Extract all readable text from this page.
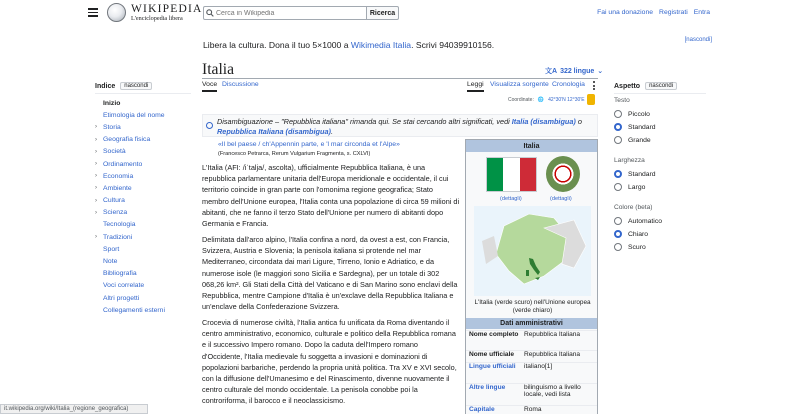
WIKIPEDIA
L'enciclopedia libera
Cerca in Wikipedia
Ricerca	Fai una donazione Registrati Entra
Libera la cultura. Dona il tuo 5×1000 a Wikimedia Italia. Scrivi 94039910156.	[nascondi]
Indice	nascondi
Inizio
Etimologia del nome
› Storia
› Geografia fisica
› Società
› Ordinamento
› Economia
› Ambiente
› Cultura
› Scienza
Tecnologia
› Tradizioni
Sport
Note
Bibliografia
Voci correlate
Altri progetti
Collegamenti esterni
Italia	文A 322 lingue ⌄
Voce Discussione	Leggi Visualizza sorgente Cronologia
Coordinate: 🌐 42°30′N 12°30′E
Aspetto	nascondi
Testo
Piccolo
Standard
Grande
Larghezza
Standard
Largo
Colore (beta)
Automatico
Chiaro
Scuro
Disambiguazione – "Repubblica italiana" rimanda qui. Se stai cercando altri significati, vedi Italia (disambigua) o Repubblica Italiana (disambigua).
«Il bel paese / ch'Appennin parte, e 'l mar circonda et l'Alpe»
(Francesco Petrarca, Rerum Vulgarium Fragmenta, s. CXLVI)
L'Italia (AFI: /iˈtalja/, ascolta), ufficialmente Repubblica Italiana, è una repubblica parlamentare unitaria dell'Europa meridionale e occidentale, il cui territorio coincide in gran parte con l'omonima regione geografica; Stato membro dell'Unione europea, l'Italia conta una popolazione di circa 59 milioni di abitanti, che ne fanno il terzo Stato dell'Unione per numero di abitanti dopo Germania e Francia.
Delimitata dall'arco alpino, l'Italia confina a nord, da ovest a est, con Francia, Svizzera, Austria e Slovenia; la penisola italiana si protende nel mar Mediterraneo, circondata dai mari Ligure, Tirreno, Ionio e Adriatico, e da numerose isole (le maggiori sono Sicilia e Sardegna), per un totale di 302 068,26 km². Gli Stati della Città del Vaticano e di San Marino sono enclavi della Repubblica, mentre Campione d'Italia è un'exclave della Repubblica Italiana e un'enclave della Confederazione Svizzera.
Crocevia di numerose civiltà, l'Italia antica fu unificata da Roma diventando il centro amministrativo, economico, culturale e politico della Repubblica romana e il successivo Impero romano. Dopo la caduta dell'Impero romano d'Occidente, l'Italia medievale fu soggetta a invasioni e dominazioni di popolazioni barbariche, perdendo la propria unità politica. Tra XV e XVI secolo, con la diffusione dell'Umanesimo e del Rinascimento, divenne nuovamente il centro culturale del mondo occidentale. La penisola conobbe poi la controriforma, il barocco e il neoclassicismo.
Italia
(dettagli)	(dettagli)
L'Italia (verde scuro) nell'Unione europea (verde chiaro)
Dati amministrativi
Nome completo Repubblica Italiana
Nome ufficiale	Repubblica Italiana
Lingue ufficiali	italiano[1]
Altre lingue	bilinguismo a livello locale, vedi lista
Capitale	Roma
it.wikipedia.org/wiki/Italia_(regione_geografica)
